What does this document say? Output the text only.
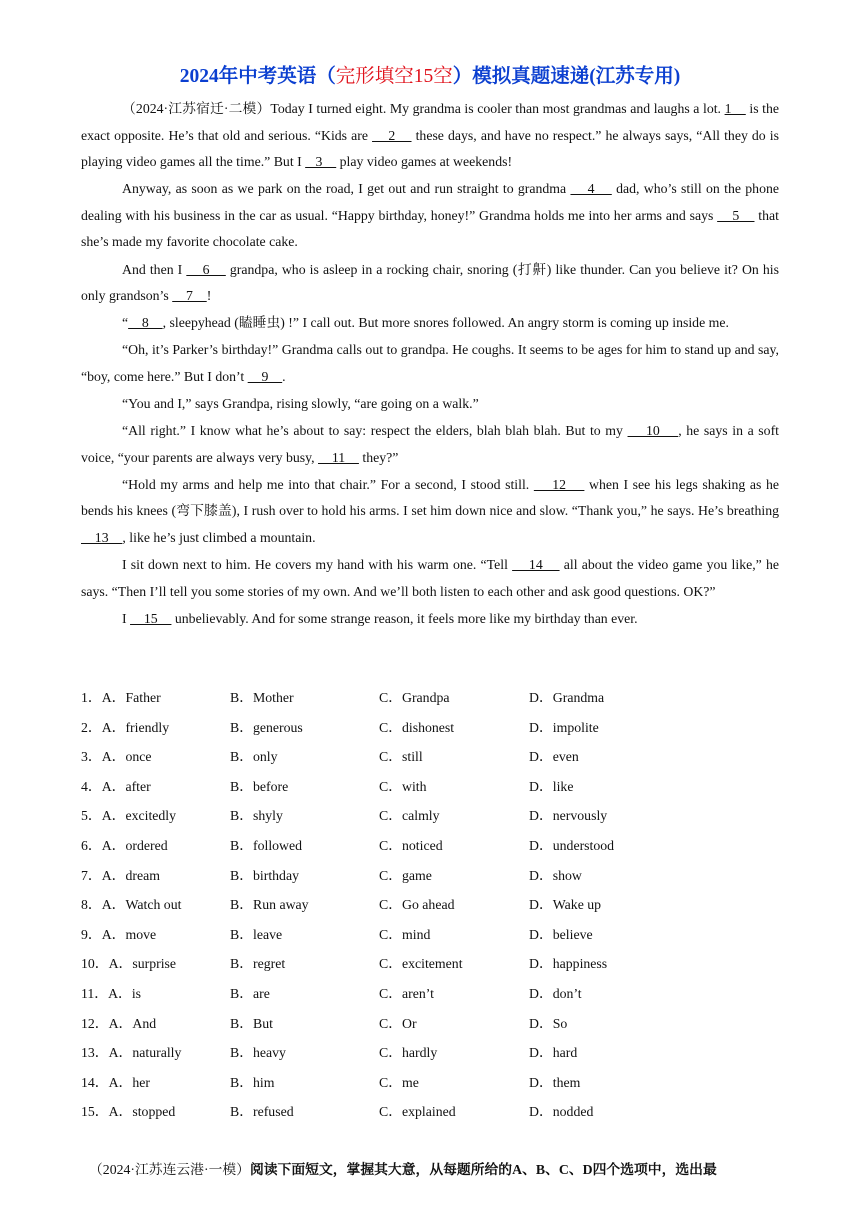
2024年中考英语（完形填空15空）模拟真题速递(江苏专用)

（2024·江苏宿迁·二模）Today I turned eight. My grandma is cooler than most grandmas and laughs a lot. 1     is the exact opposite. He’s that old and serious. “Kids are     2     these days, and have no respect.” he always says, “All they do is playing video games all the time.” But I    3     play video games at weekends!

Anyway, as soon as we park on the road, I get out and run straight to grandma     4     dad, who’s still on the phone dealing with his business in the car as usual. “Happy birthday, honey!” Grandma holds me into her arms and says     5     that she’s made my favorite chocolate cake.

And then I     6     grandpa, who is asleep in a rocking chair, snoring (打鼾) like thunder. Can you believe it? On his only grandson’s     7    !

“    8    , sleepyhead (瞌睡虫) !” I call out. But more snores followed. An angry storm is coming up inside me.

“Oh, it’s Parker’s birthday!” Grandma calls out to grandpa. He coughs. It seems to be ages for him to stand up and say, “boy, come here.” But I don’t     9    .

“You and I,” says Grandpa, rising slowly, “are going on a walk.”

“All right.” I know what he’s about to say: respect the elders, blah blah blah. But to my     10    , he says in a soft voice, “your parents are always very busy,     11     they?”

“Hold my arms and help me into that chair.” For a second, I stood still.     12     when I see his legs shaking as he bends his knees (弯下膝盖), I rush over to hold his arms. I set him down nice and slow. “Thank you,” he says. He’s breathing     13    , like he’s just climbed a mountain.

I sit down next to him. He covers my hand with his warm one. “Tell     14     all about the video game you like,” he says. “Then I’ll tell you some stories of my own. And we’ll both listen to each other and ask good questions. OK?”

I     15     unbelievably. And for some strange reason, it feels more like my birthday than ever.

1．A．Father	B．Mother	C．Grandpa	D．Grandma
2．A．friendly	B．generous	C．dishonest	D．impolite
3．A．once	B．only	C．still	D．even
4．A．after	B．before	C．with	D．like
5．A．excitedly	B．shyly	C．calmly	D．nervously
6．A．ordered	B．followed	C．noticed	D．understood
7．A．dream	B．birthday	C．game	D．show
8．A．Watch out	B．Run away	C．Go ahead	D．Wake up
9．A．move	B．leave	C．mind	D．believe
10．A．surprise	B．regret	C．excitement	D．happiness
11．A．is	B．are	C．aren’t	D．don’t
12．A．And	B．But	C．Or	D．So
13．A．naturally	B．heavy	C．hardly	D．hard
14．A．her	B．him	C．me	D．them
15．A．stopped	B．refused	C．explained	D．nodded
（2024·江苏连云港·一模）阅读下面短文，掌握其大意，从每题所给的A、B、C、D四个选项中，选出最
